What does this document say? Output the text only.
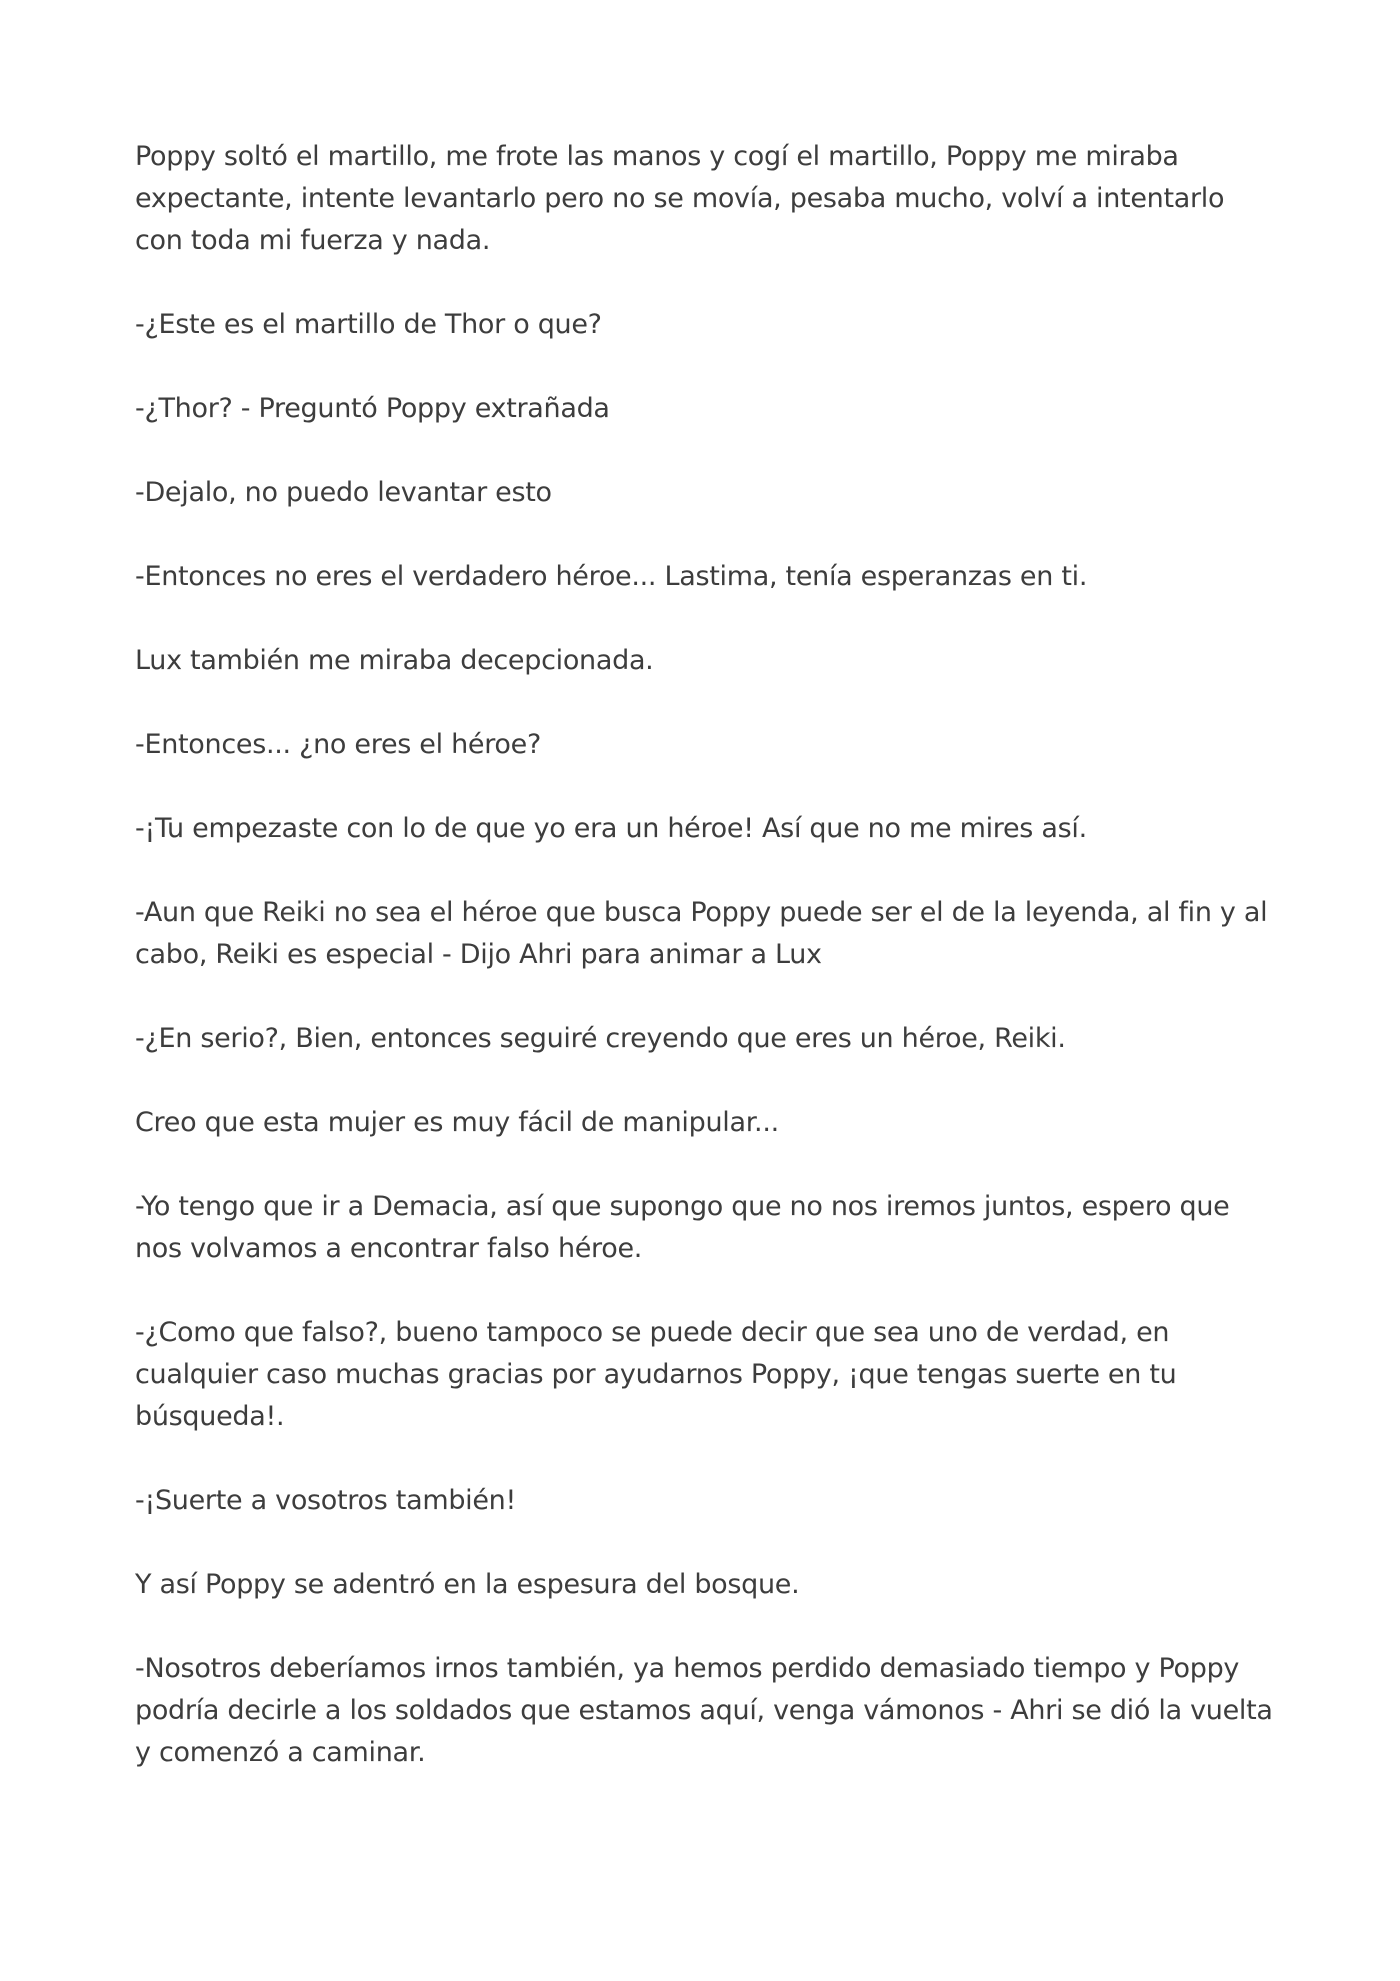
Poppy soltó el martillo, me frote las manos y cogí el martillo, Poppy me miraba expectante, intente levantarlo pero no se movía, pesaba mucho, volví a intentarlo con toda mi fuerza y nada.

-¿Este es el martillo de Thor o que?

-¿Thor? - Preguntó Poppy extrañada

-Dejalo, no puedo levantar esto

-Entonces no eres el verdadero héroe... Lastima, tenía esperanzas en ti.

Lux también me miraba decepcionada.

-Entonces... ¿no eres el héroe?

-¡Tu empezaste con lo de que yo era un héroe! Así que no me mires así.

-Aun que Reiki no sea el héroe que busca Poppy puede ser el de la leyenda, al fin y al cabo, Reiki es especial - Dijo Ahri para animar a Lux

-¿En serio?, Bien, entonces seguiré creyendo que eres un héroe, Reiki.

Creo que esta mujer es muy fácil de manipular...

-Yo tengo que ir a Demacia, así que supongo que no nos iremos juntos, espero que nos volvamos a encontrar falso héroe.

-¿Como que falso?, bueno tampoco se puede decir que sea uno de verdad, en cualquier caso muchas gracias por ayudarnos Poppy, ¡que tengas suerte en tu búsqueda!.

-¡Suerte a vosotros también!

Y así Poppy se adentró en la espesura del bosque.

-Nosotros deberíamos irnos también, ya hemos perdido demasiado tiempo y Poppy podría decirle a los soldados que estamos aquí, venga vámonos - Ahri se dió la vuelta y comenzó a caminar.
